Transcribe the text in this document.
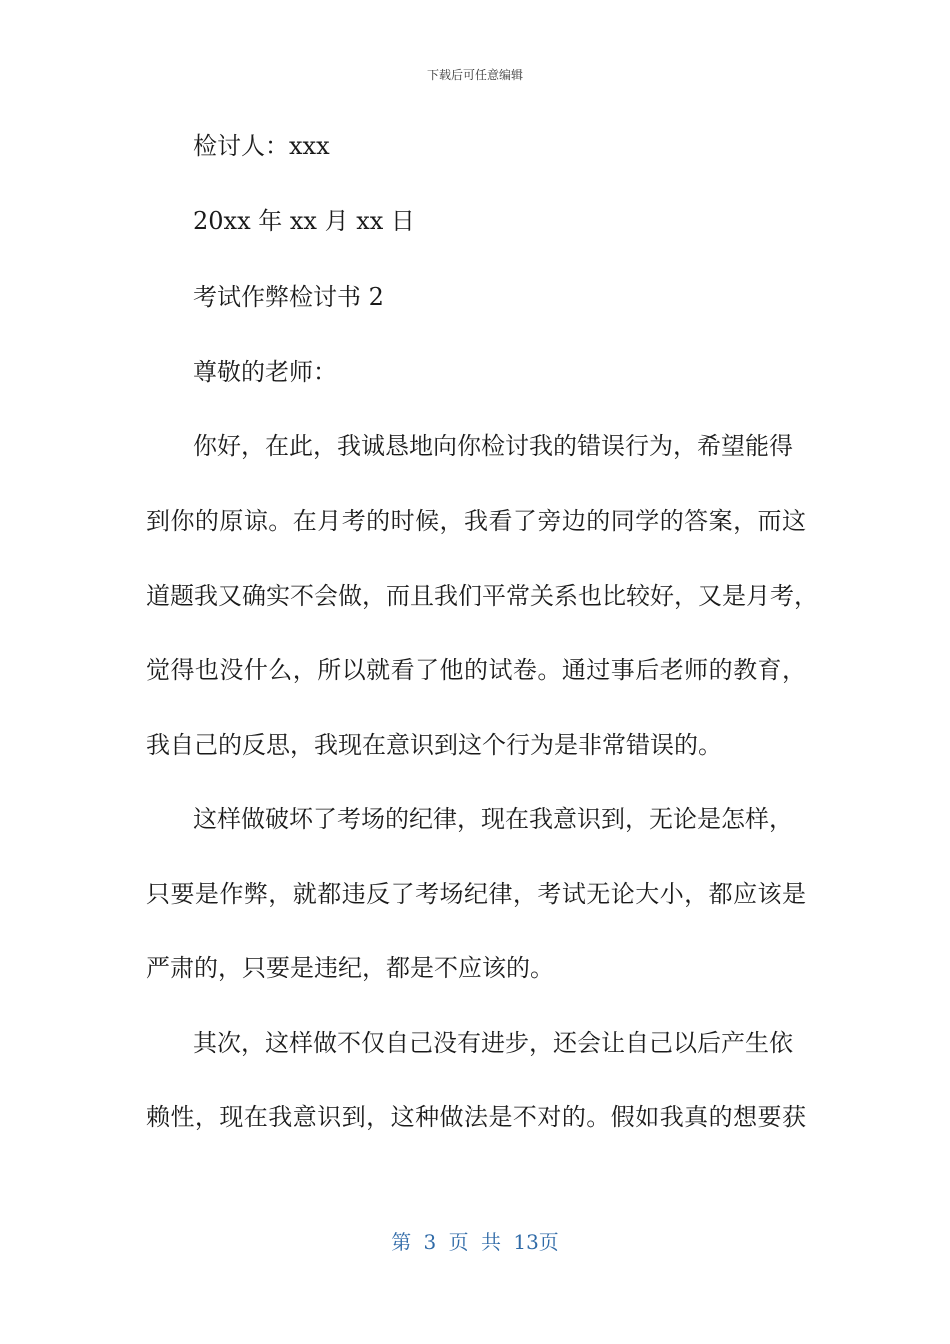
下载后可任意编辑
检讨人：xxx
20xx 年 xx 月 xx 日
考试作弊检讨书 2
尊敬的老师：
你好，在此，我诚恳地向你检讨我的错误行为，希望能得
到你的原谅。在月考的时候，我看了旁边的同学的答案，而这
道题我又确实不会做，而且我们平常关系也比较好，又是月考，
觉得也没什么，所以就看了他的试卷。通过事后老师的教育，
我自己的反思，我现在意识到这个行为是非常错误的。
这样做破坏了考场的纪律，现在我意识到，无论是怎样，
只要是作弊，就都违反了考场纪律，考试无论大小，都应该是
严肃的，只要是违纪，都是不应该的。
其次，这样做不仅自己没有进步，还会让自己以后产生依
赖性，现在我意识到，这种做法是不对的。假如我真的想要获
第 3 页 共 13页
